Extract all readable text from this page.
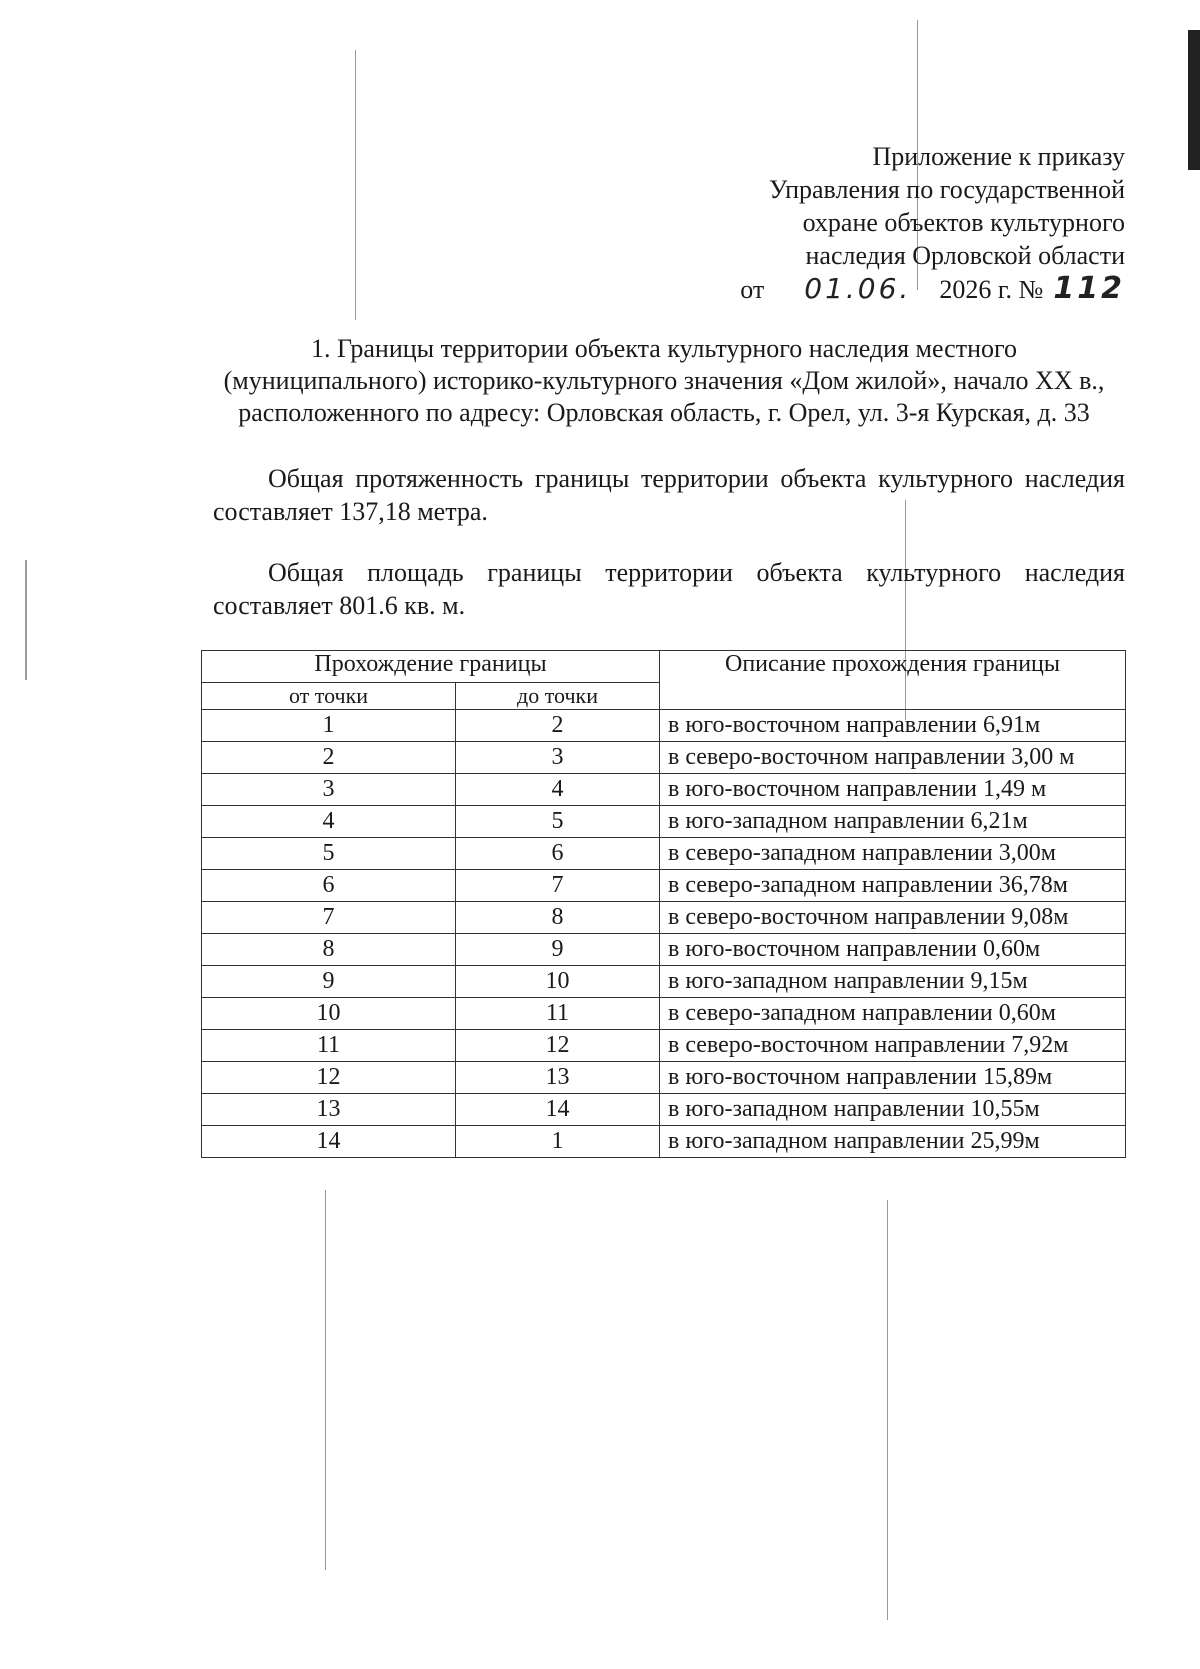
Приложение к приказу
Управления по государственной
охране объектов культурного
наследия Орловской области
от 01.06. 2026 г. № 112
1. Границы территории объекта культурного наследия местного
(муниципального) историко-культурного значения «Дом жилой», начало XX в.,
расположенного по адресу: Орловская область, г. Орел, ул. 3-я Курская, д. 33
Общая протяженность границы территории объекта культурного наследия составляет 137,18 метра.
Общая площадь границы территории объекта культурного наследия составляет 801.6 кв. м.
Прохождение границы		Описание прохождения границы
от точки	до точки	
1	2	в юго-восточном направлении 6,91м
2	3	в северо-восточном направлении 3,00 м
3	4	в юго-восточном направлении 1,49 м
4	5	в юго-западном направлении 6,21м
5	6	в северо-западном направлении 3,00м
6	7	в северо-западном направлении 36,78м
7	8	в северо-восточном направлении 9,08м
8	9	в юго-восточном направлении 0,60м
9	10	в юго-западном направлении 9,15м
10	11	в северо-западном направлении 0,60м
11	12	в северо-восточном направлении 7,92м
12	13	в юго-восточном направлении 15,89м
13	14	в юго-западном направлении 10,55м
14	1	в юго-западном направлении 25,99м
